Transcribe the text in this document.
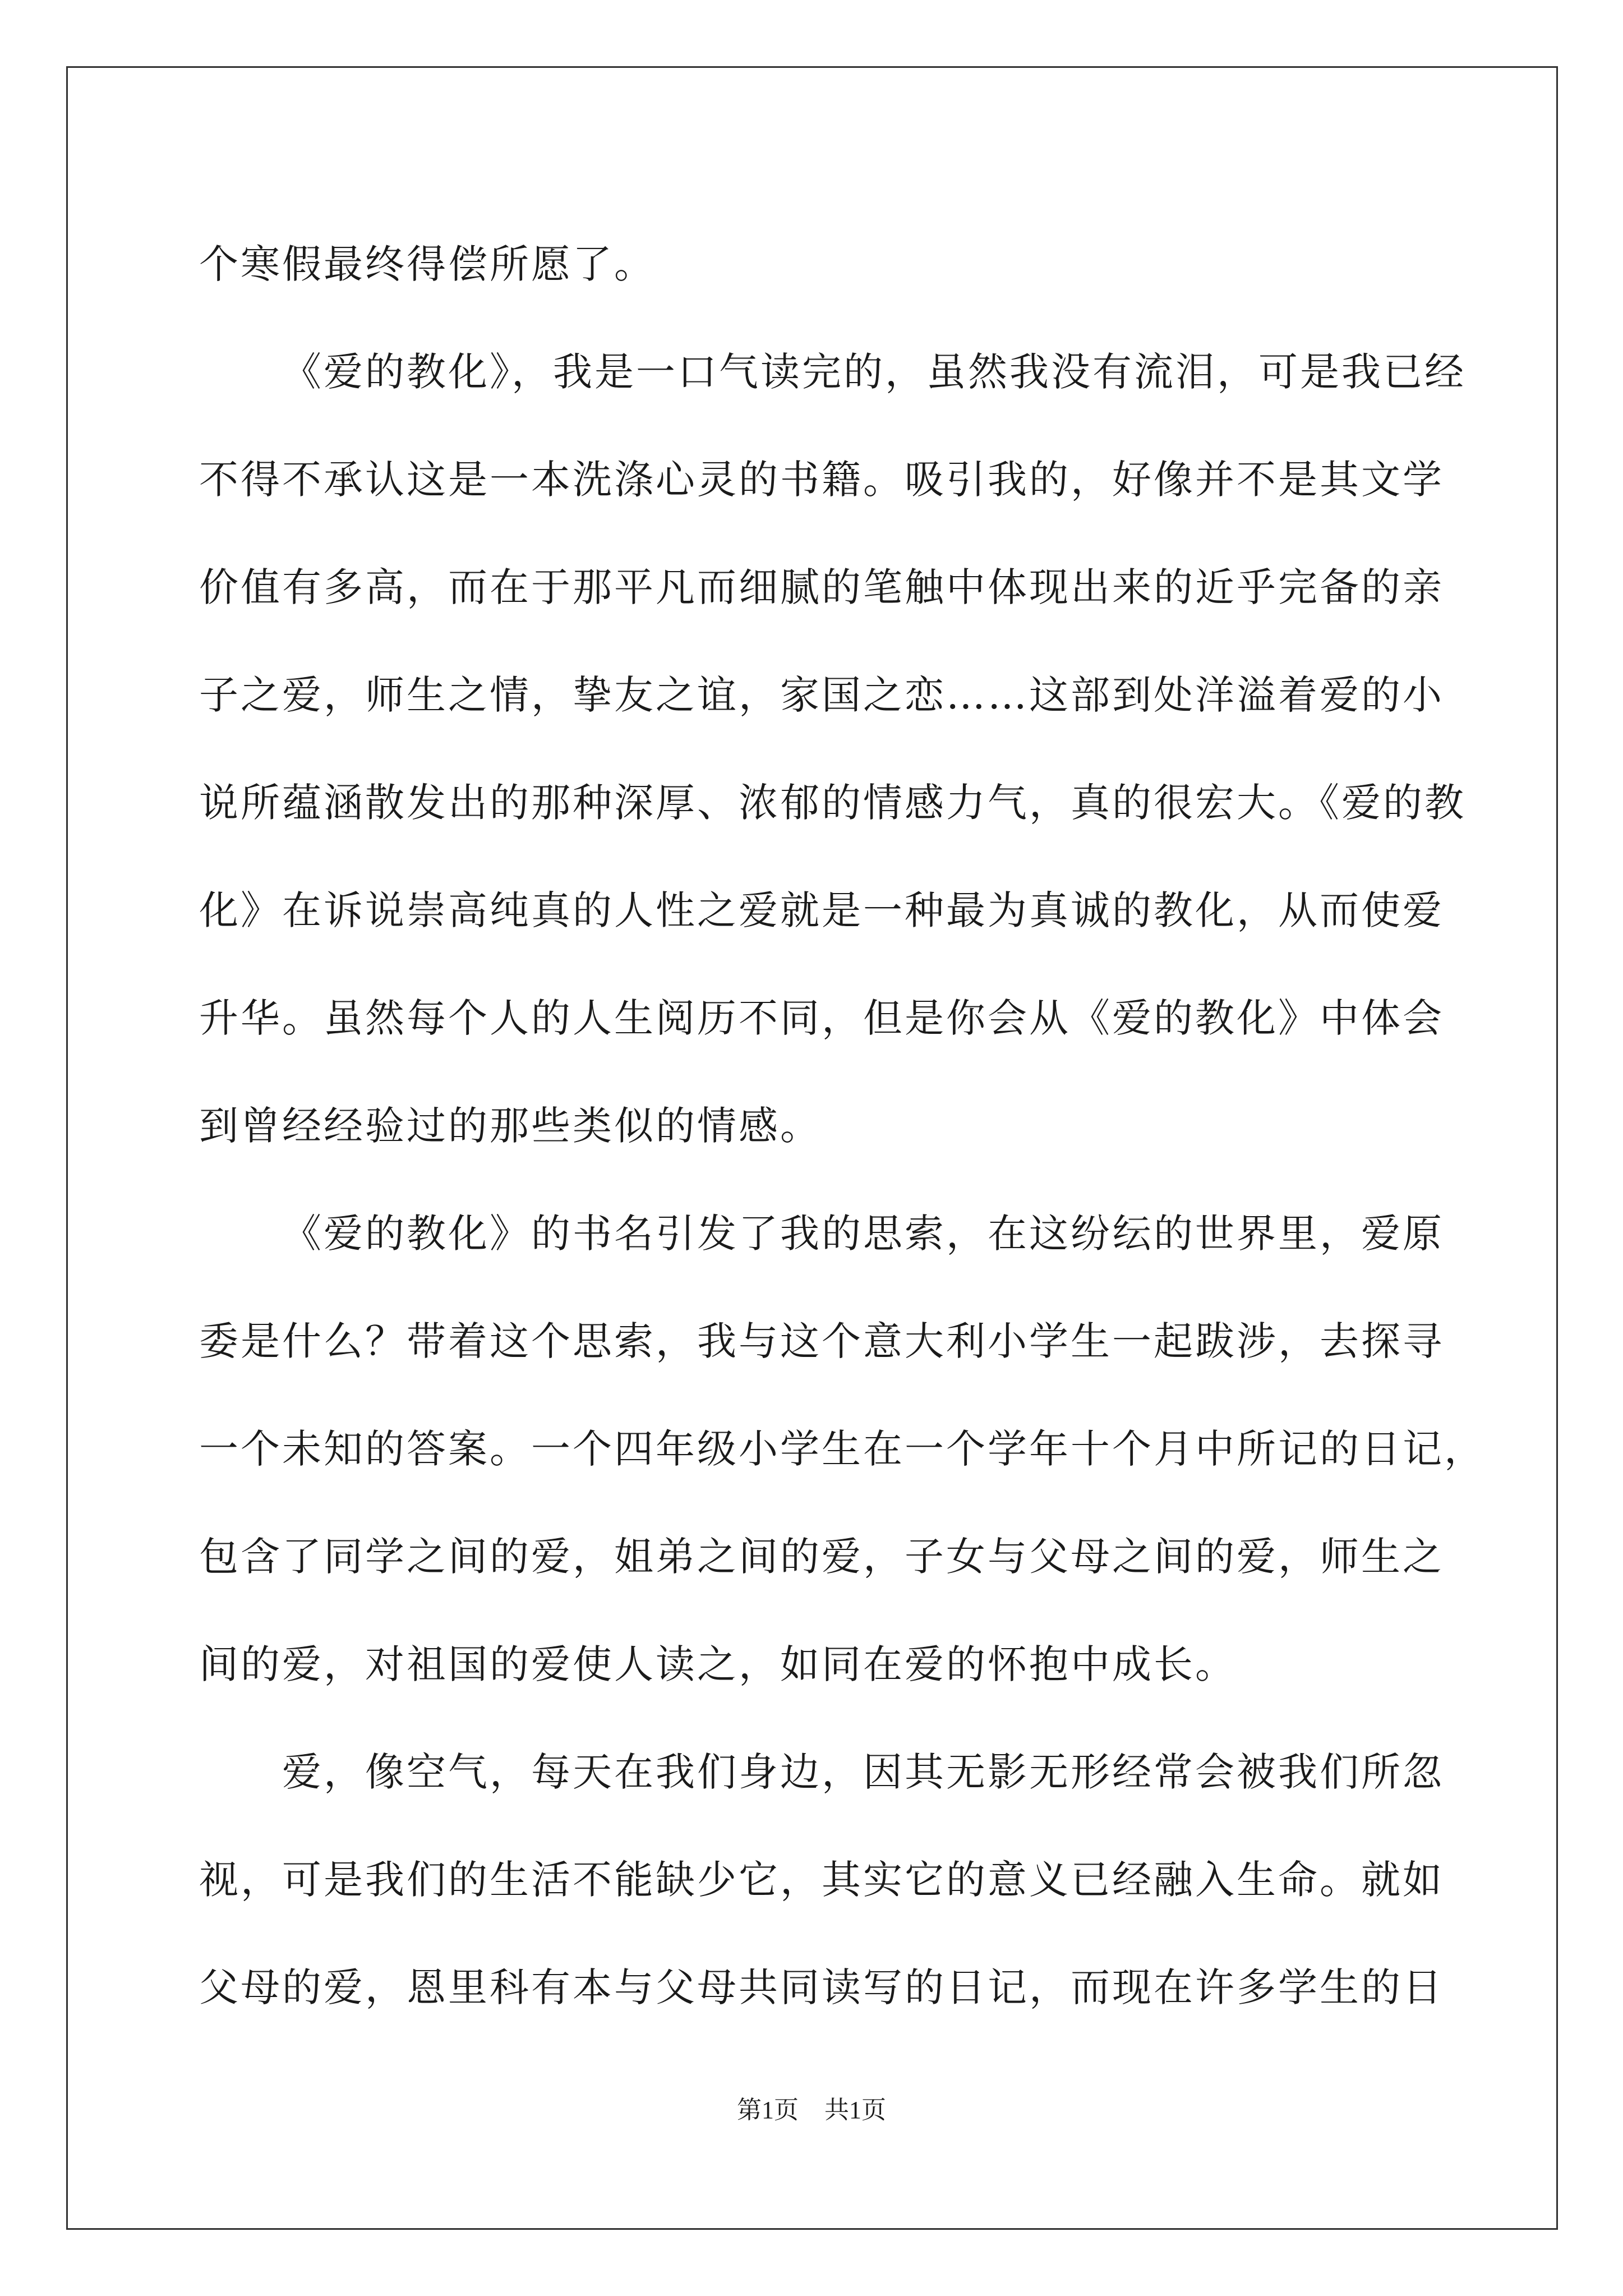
个寒假最终得偿所愿了。
《爱的教化》，我是一口气读完的，虽然我没有流泪，可是我已经
不得不承认这是一本洗涤心灵的书籍。吸引我的，好像并不是其文学
价值有多高，而在于那平凡而细腻的笔触中体现出来的近乎完备的亲
子之爱，师生之情，挚友之谊，家国之恋……这部到处洋溢着爱的小
说所蕴涵散发出的那种深厚、浓郁的情感力气，真的很宏大。《爱的教
化》在诉说崇高纯真的人性之爱就是一种最为真诚的教化，从而使爱
升华。虽然每个人的人生阅历不同，但是你会从《爱的教化》中体会
到曾经经验过的那些类似的情感。
《爱的教化》的书名引发了我的思索，在这纷纭的世界里，爱原
委是什么？带着这个思索，我与这个意大利小学生一起跋涉，去探寻
一个未知的答案。一个四年级小学生在一个学年十个月中所记的日记，
包含了同学之间的爱，姐弟之间的爱，子女与父母之间的爱，师生之
间的爱，对祖国的爱使人读之，如同在爱的怀抱中成长。
爱，像空气，每天在我们身边，因其无影无形经常会被我们所忽
视，可是我们的生活不能缺少它，其实它的意义已经融入生命。就如
父母的爱，恩里科有本与父母共同读写的日记，而现在许多学生的日
第1页 共1页
